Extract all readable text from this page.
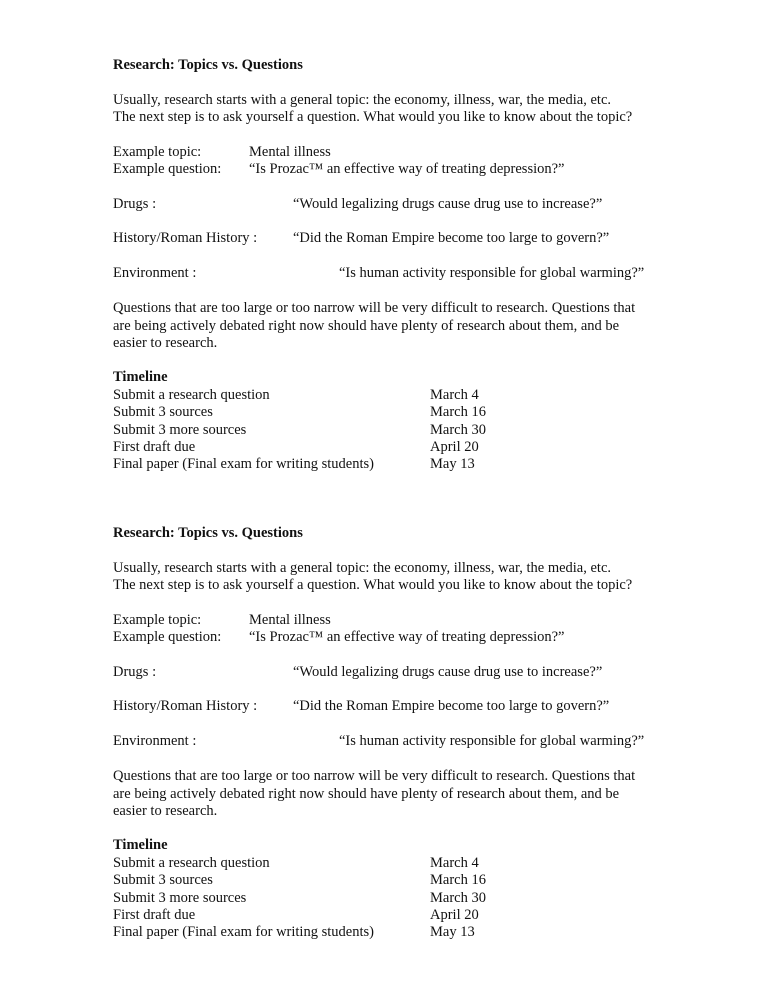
Research: Topics vs. Questions
Usually, research starts with a general topic: the economy, illness, war, the media, etc.
The next step is to ask yourself a question. What would you like to know about the topic?
Example topic:	Mental illness
Example question: “Is Prozac™ an effective way of treating depression?”
Drugs :	“Would legalizing drugs cause drug use to increase?”
History/Roman History : “Did the Roman Empire become too large to govern?”
Environment :	“Is human activity responsible for global warming?”
Questions that are too large or too narrow will be very difficult to research. Questions that
are being actively debated right now should have plenty of research about them, and be
easier to research.
Timeline
Submit a research question	March 4
Submit 3 sources	March 16
Submit 3 more sources	March 30
First draft due	April 20
Final paper (Final exam for writing students)	May 13
Research: Topics vs. Questions
Usually, research starts with a general topic: the economy, illness, war, the media, etc.
The next step is to ask yourself a question. What would you like to know about the topic?
Example topic:	Mental illness
Example question: “Is Prozac™ an effective way of treating depression?”
Drugs :	“Would legalizing drugs cause drug use to increase?”
History/Roman History : “Did the Roman Empire become too large to govern?”
Environment :	“Is human activity responsible for global warming?”
Questions that are too large or too narrow will be very difficult to research. Questions that
are being actively debated right now should have plenty of research about them, and be
easier to research.
Timeline
Submit a research question	March 4
Submit 3 sources	March 16
Submit 3 more sources	March 30
First draft due	April 20
Final paper (Final exam for writing students)	May 13
